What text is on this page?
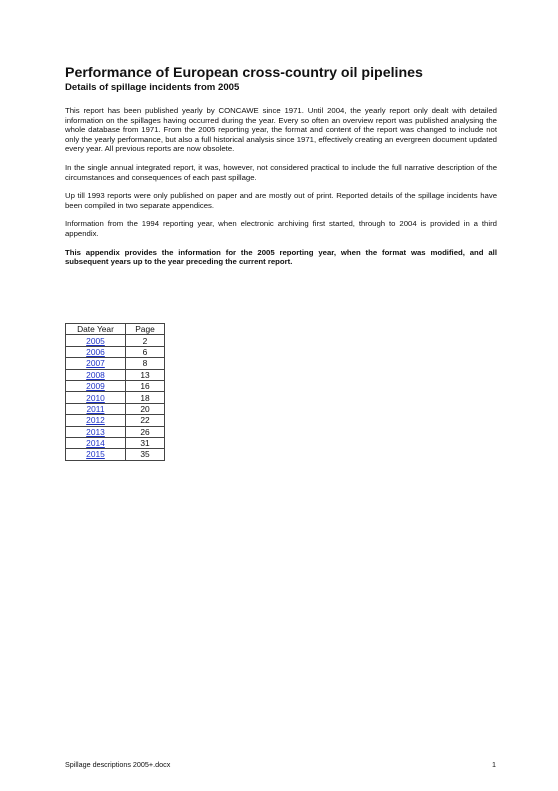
Performance of European cross-country oil pipelines
Details of spillage incidents from 2005

This report has been published yearly by CONCAWE since 1971. Until 2004, the yearly report only dealt with detailed information on the spillages having occurred during the year. Every so often an overview report was published analysing the whole database from 1971. From the 2005 reporting year, the format and content of the report was changed to include not only the yearly performance, but also a full historical analysis since 1971, effectively creating an evergreen document updated every year. All previous reports are now obsolete.

In the single annual integrated report, it was, however, not considered practical to include the full narrative description of the circumstances and consequences of each past spillage.

Up till 1993 reports were only published on paper and are mostly out of print. Reported details of the spillage incidents have been compiled in two separate appendices.

Information from the 1994 reporting year, when electronic archiving first started, through to 2004 is provided in a third appendix.

This appendix provides the information for the 2005 reporting year, when the format was modified, and all subsequent years up to the year preceding the current report.

Date Year	Page
2005	2
2006	6
2007	8
2008	13
2009	16
2010	18
2011	20
2012	22
2013	26
2014	31
2015	35
Spillage descriptions 2005+.docx	1
